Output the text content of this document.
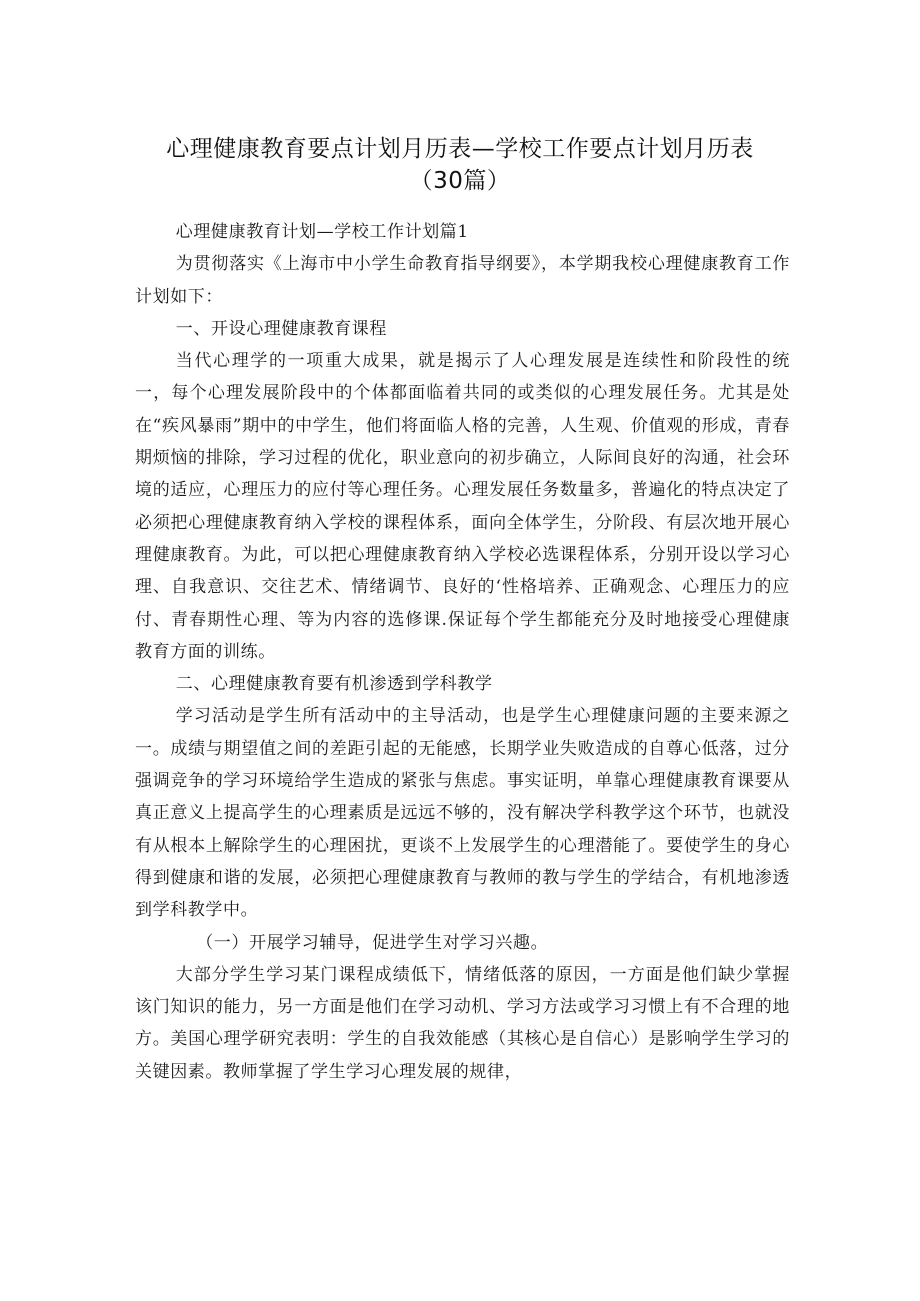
心理健康教育要点计划月历表—学校工作要点计划月历表
（30篇）

心理健康教育计划—学校工作计划篇1

为贯彻落实《上海市中小学生命教育指导纲要》，本学期我校心理健康教育工作计划如下：

一、开设心理健康教育课程

当代心理学的一项重大成果，就是揭示了人心理发展是连续性和阶段性的统一，每个心理发展阶段中的个体都面临着共同的或类似的心理发展任务。尤其是处在“疾风暴雨”期中的中学生，他们将面临人格的完善，人生观、价值观的形成，青春期烦恼的排除，学习过程的优化，职业意向的初步确立，人际间良好的沟通，社会环境的适应，心理压力的应付等心理任务。心理发展任务数量多，普遍化的特点决定了必须把心理健康教育纳入学校的课程体系，面向全体学生，分阶段、有层次地开展心理健康教育。为此，可以把心理健康教育纳入学校必选课程体系，分别开设以学习心理、自我意识、交往艺术、情绪调节、良好的‘性格培养、正确观念、心理压力的应付、青春期性心理、等为内容的选修课.保证每个学生都能充分及时地接受心理健康教育方面的训练。

二、心理健康教育要有机渗透到学科教学

学习活动是学生所有活动中的主导活动，也是学生心理健康问题的主要来源之一。成绩与期望值之间的差距引起的无能感，长期学业失败造成的自尊心低落，过分强调竞争的学习环境给学生造成的紧张与焦虑。事实证明，单靠心理健康教育课要从真正意义上提高学生的心理素质是远远不够的，没有解决学科教学这个环节，也就没有从根本上解除学生的心理困扰，更谈不上发展学生的心理潜能了。要使学生的身心得到健康和谐的发展，必须把心理健康教育与教师的教与学生的学结合，有机地渗透到学科教学中。

（一）开展学习辅导，促进学生对学习兴趣。

大部分学生学习某门课程成绩低下，情绪低落的原因，一方面是他们缺少掌握该门知识的能力，另一方面是他们在学习动机、学习方法或学习习惯上有不合理的地方。美国心理学研究表明：学生的自我效能感（其核心是自信心）是影响学生学习的关键因素。教师掌握了学生学习心理发展的规律，
